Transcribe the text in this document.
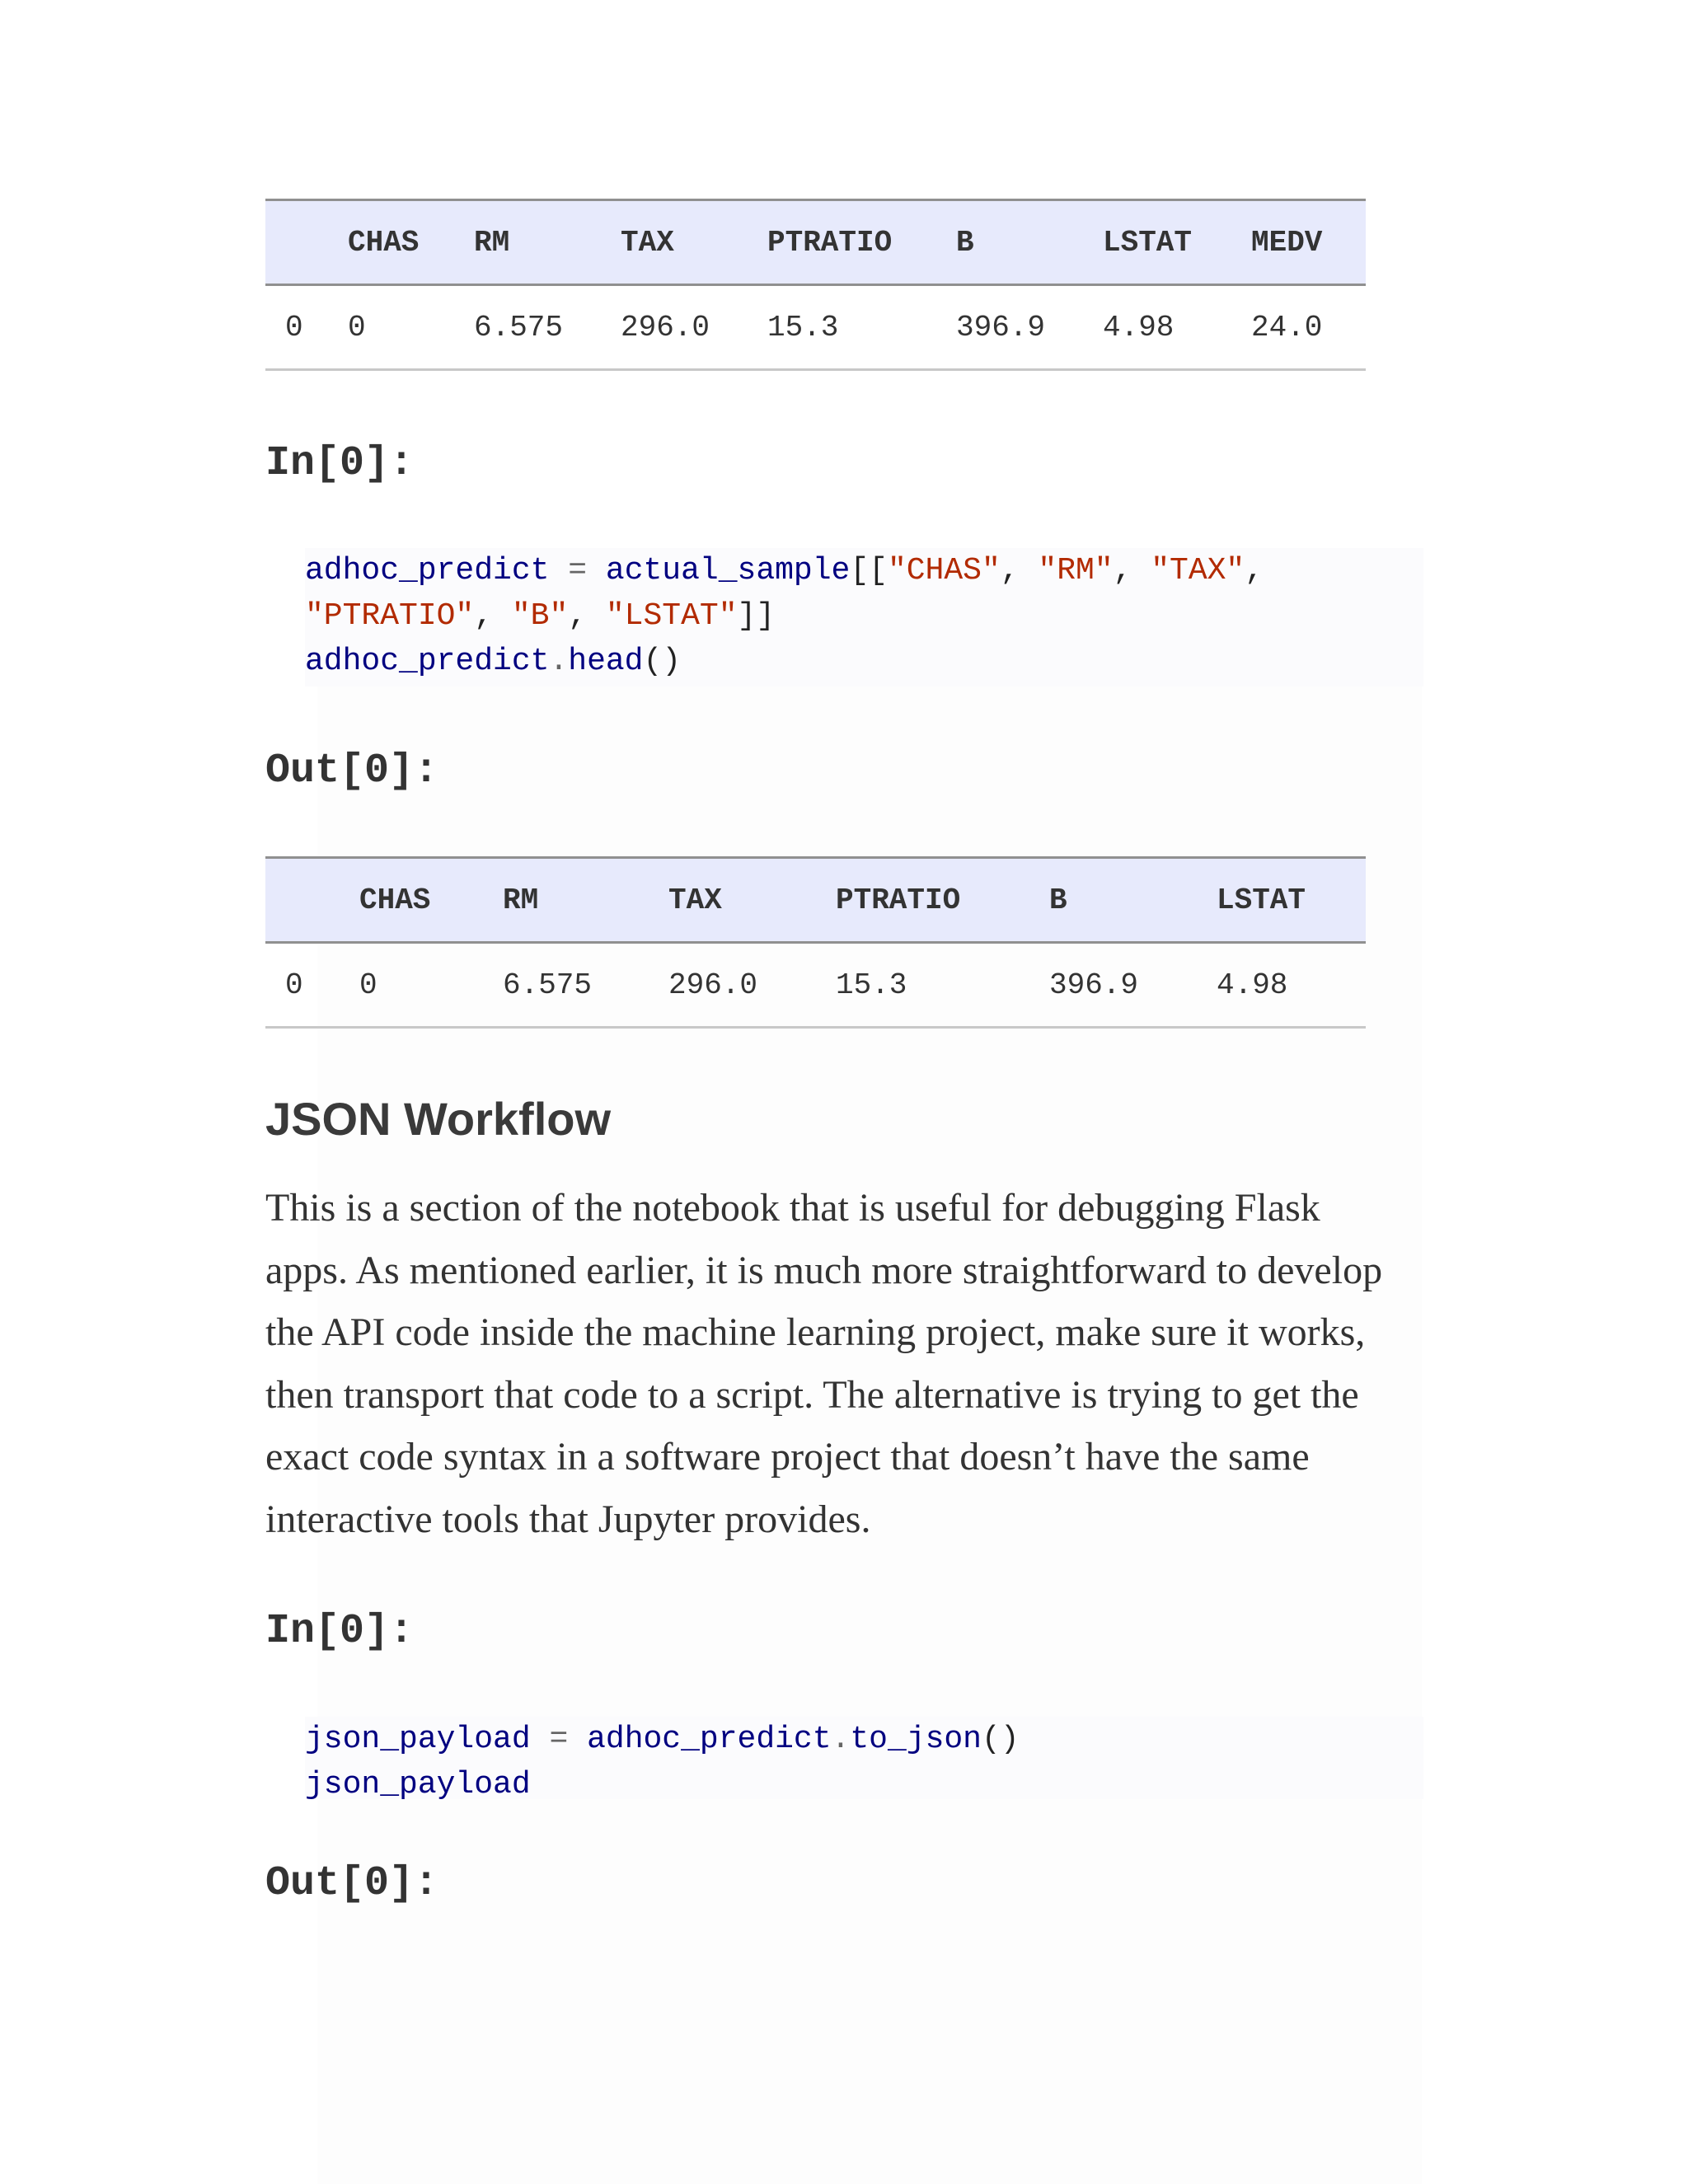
	CHAS	RM	TAX	PTRATIO	B	LSTAT	MEDV
0	0	6.575	296.0	15.3	396.9	4.98	24.0
In[0]:
adhoc_predict = actual_sample[["CHAS", "RM", "TAX",
"PTRATIO", "B", "LSTAT"]]
adhoc_predict.head()
Out[0]:
	CHAS	RM	TAX	PTRATIO	B	LSTAT
0	0	6.575	296.0	15.3	396.9	4.98
JSON Workflow

This is a section of the notebook that is useful for debugging Flask apps. As mentioned earlier, it is much more straightforward to develop the API code inside the machine learning project, make sure it works, then transport that code to a script. The alternative is trying to get the exact code syntax in a software project that doesn’t have the same interactive tools that Jupyter provides.

In[0]:
json_payload = adhoc_predict.to_json()
json_payload
Out[0]:
